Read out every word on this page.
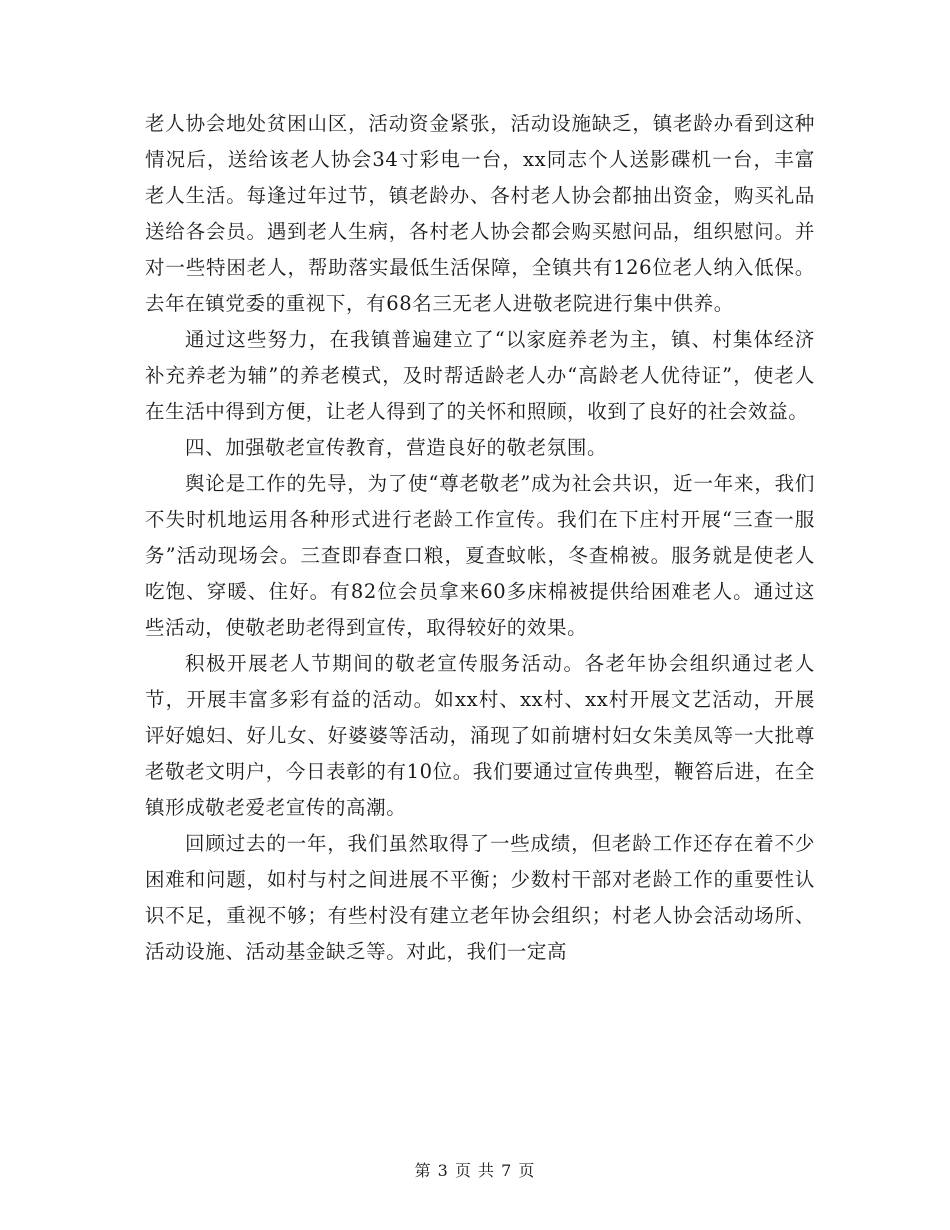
老人协会地处贫困山区，活动资金紧张，活动设施缺乏，镇老龄办看到这种情况后，送给该老人协会34寸彩电一台，xx同志个人送影碟机一台，丰富老人生活。每逢过年过节，镇老龄办、各村老人协会都抽出资金，购买礼品送给各会员。遇到老人生病，各村老人协会都会购买慰问品，组织慰问。并对一些特困老人，帮助落实最低生活保障，全镇共有126位老人纳入低保。去年在镇党委的重视下，有68名三无老人进敬老院进行集中供养。

通过这些努力，在我镇普遍建立了“以家庭养老为主，镇、村集体经济补充养老为辅”的养老模式，及时帮适龄老人办“高龄老人优待证”，使老人在生活中得到方便，让老人得到了的关怀和照顾，收到了良好的社会效益。

四、加强敬老宣传教育，营造良好的敬老氛围。

舆论是工作的先导，为了使“尊老敬老”成为社会共识，近一年来，我们不失时机地运用各种形式进行老龄工作宣传。我们在下庄村开展“三查一服务”活动现场会。三查即春查口粮，夏查蚊帐，冬查棉被。服务就是使老人吃饱、穿暖、住好。有82位会员拿来60多床棉被提供给困难老人。通过这些活动，使敬老助老得到宣传，取得较好的效果。

积极开展老人节期间的敬老宣传服务活动。各老年协会组织通过老人节，开展丰富多彩有益的活动。如xx村、xx村、xx村开展文艺活动，开展评好媳妇、好儿女、好婆婆等活动，涌现了如前塘村妇女朱美凤等一大批尊老敬老文明户，今日表彰的有10位。我们要通过宣传典型，鞭笞后进，在全镇形成敬老爱老宣传的高潮。

回顾过去的一年，我们虽然取得了一些成绩，但老龄工作还存在着不少困难和问题，如村与村之间进展不平衡；少数村干部对老龄工作的重要性认识不足，重视不够；有些村没有建立老年协会组织；村老人协会活动场所、活动设施、活动基金缺乏等。对此，我们一定高

第 3 页 共 7 页
